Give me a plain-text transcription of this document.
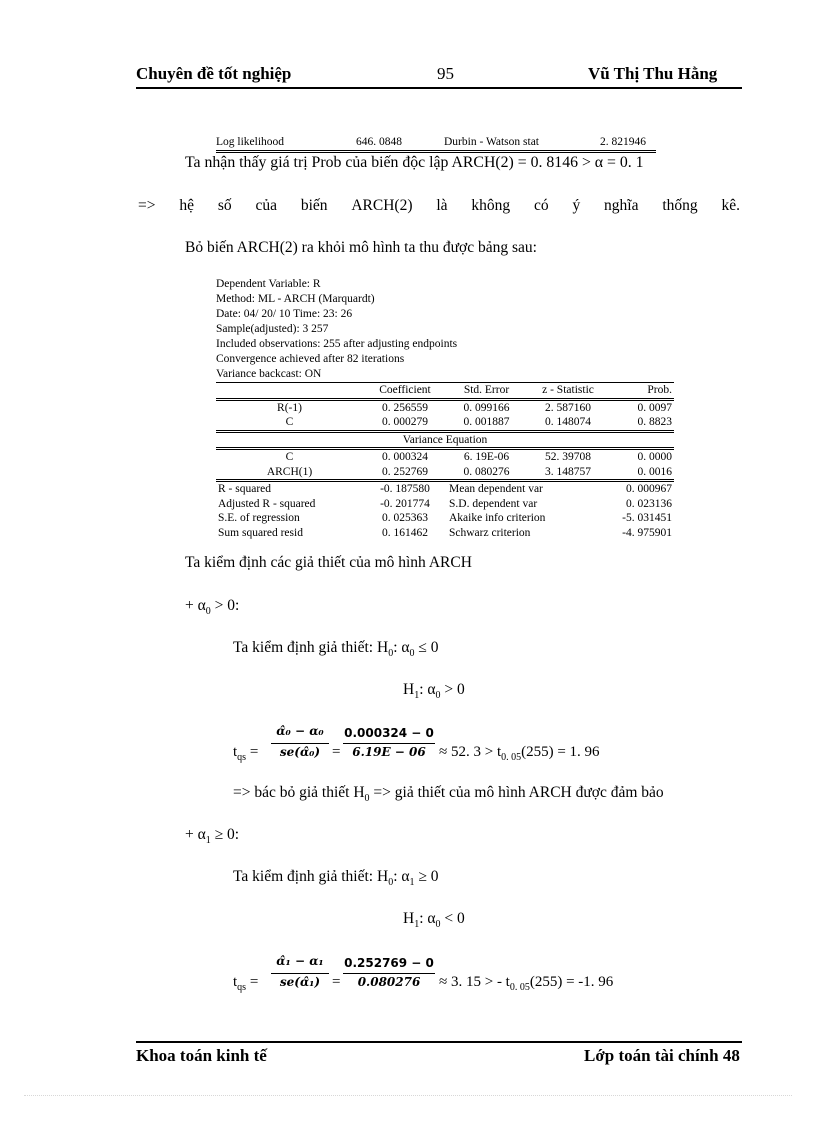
Chuyên đề tốt nghiệp	95	Vũ Thị Thu Hằng
Log likelihood	646. 0848	Durbin - Watson stat	2. 821946
Ta nhận thấy giá trị Prob của biến độc lập ARCH(2) = 0. 8146 > α = 0. 1
=> hệ số của biến ARCH(2) là không có ý nghĩa thống kê.
Bỏ biến ARCH(2) ra khỏi mô hình ta thu được bảng sau:
Dependent Variable: R
Method: ML - ARCH (Marquardt)
Date: 04/ 20/ 10 Time: 23: 26
Sample(adjusted): 3 257
Included observations: 255 after adjusting endpoints
Convergence achieved after 82 iterations
Variance backcast: ON
	Coefficient	Std. Error	z - Statistic	Prob.
R(-1)	0. 256559	0. 099166	2. 587160	0. 0097
C	0. 000279	0. 001887	0. 148074	0. 8823
Variance Equation				
C	0. 000324	6. 19E-06	52. 39708	0. 0000
ARCH(1)	0. 252769	0. 080276	3. 148757	0. 0016
R - squared	-0. 187580	Mean dependent var		0. 000967
Adjusted R - squared	-0. 201774	S.D. dependent var		0. 023136
S.E. of regression	0. 025363	Akaike info criterion		-5. 031451
Sum squared resid	0. 161462	Schwarz criterion		-4. 975901
Ta kiểm định các giả thiết của mô hình ARCH
+ $\alpha_0 > 0$:
Ta kiểm định giả thiết: $H_0$: $\alpha_0 \le 0$
$H_1$: $\alpha_0 > 0$
$t_{qs}$ =
α̂₀ − α₀
se(α̂₀) =
0.000324 − 0
6.19E − 06 ≈ 52. $3 > t_{0. 05}(255) = 1$. 96
=> bác bỏ giả thiết $H_0$ => giả thiết của mô hình ARCH được đảm bảo
+ $\alpha_1 \ge 0$:
Ta kiểm định giả thiết: $H_0$: $\alpha_1 \ge 0$
$H_1$: $\alpha_0 < 0$
$t_{qs}$ =
α̂₁ − α₁
se(α̂₁) =
0.252769 − 0
0.080276	≈ 3. 15 > - $t_{0. 05}(255) = -1$. 96
Khoa toán kinh tế	Lớp toán tài chính 48
